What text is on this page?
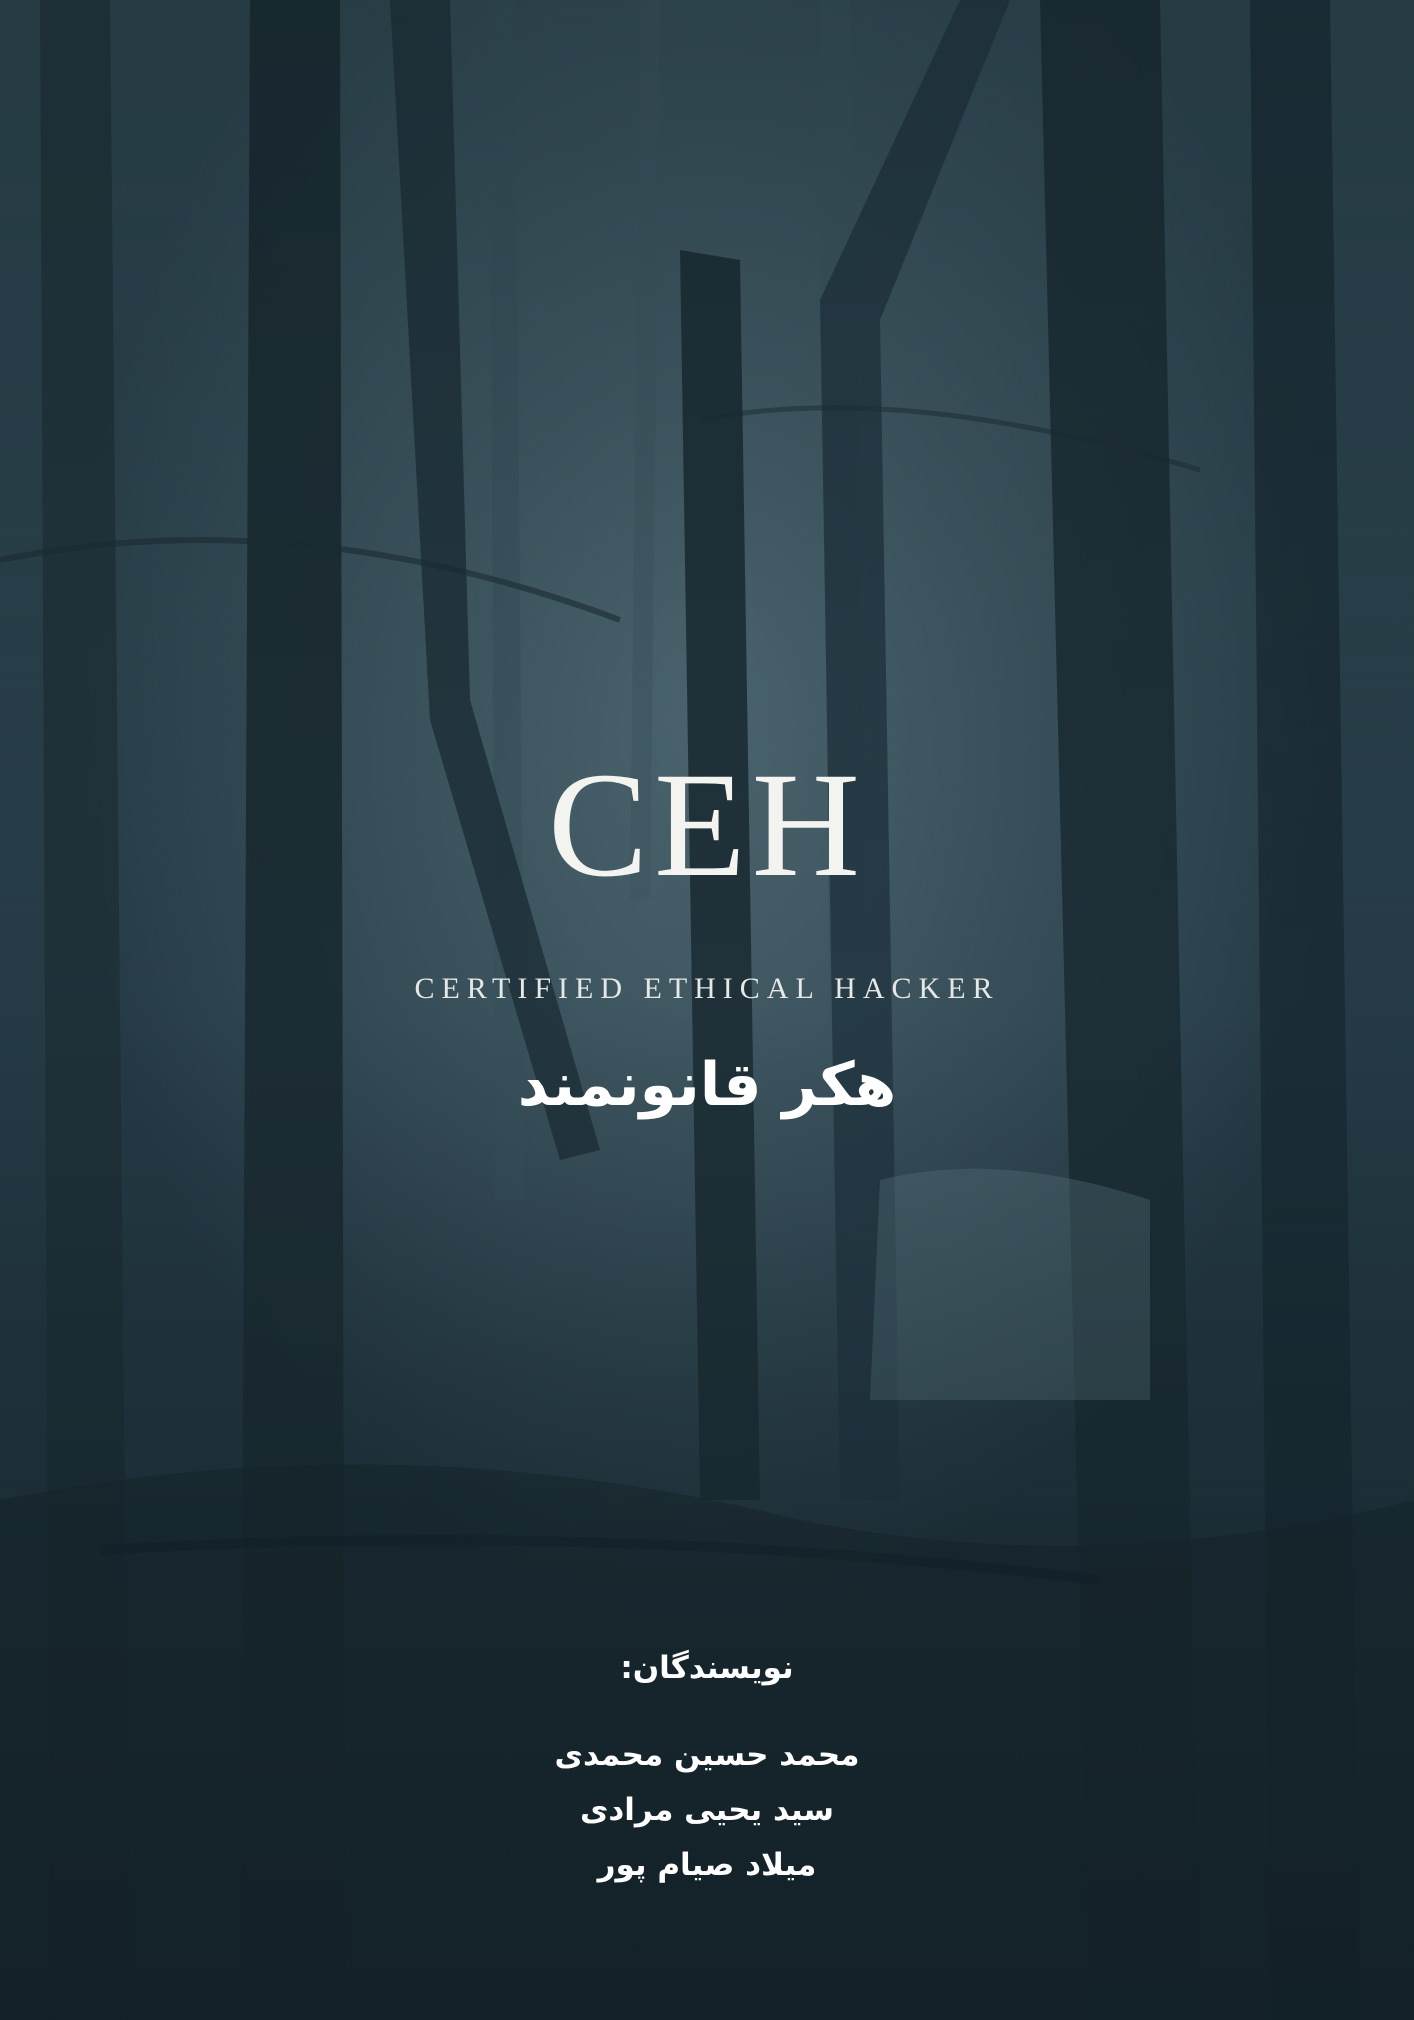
CEH
CERTIFIED ETHICAL HACKER
هکر قانونمند
نویسندگان:
محمد حسین محمدی
سید یحیی مرادی
میلاد صیام پور
